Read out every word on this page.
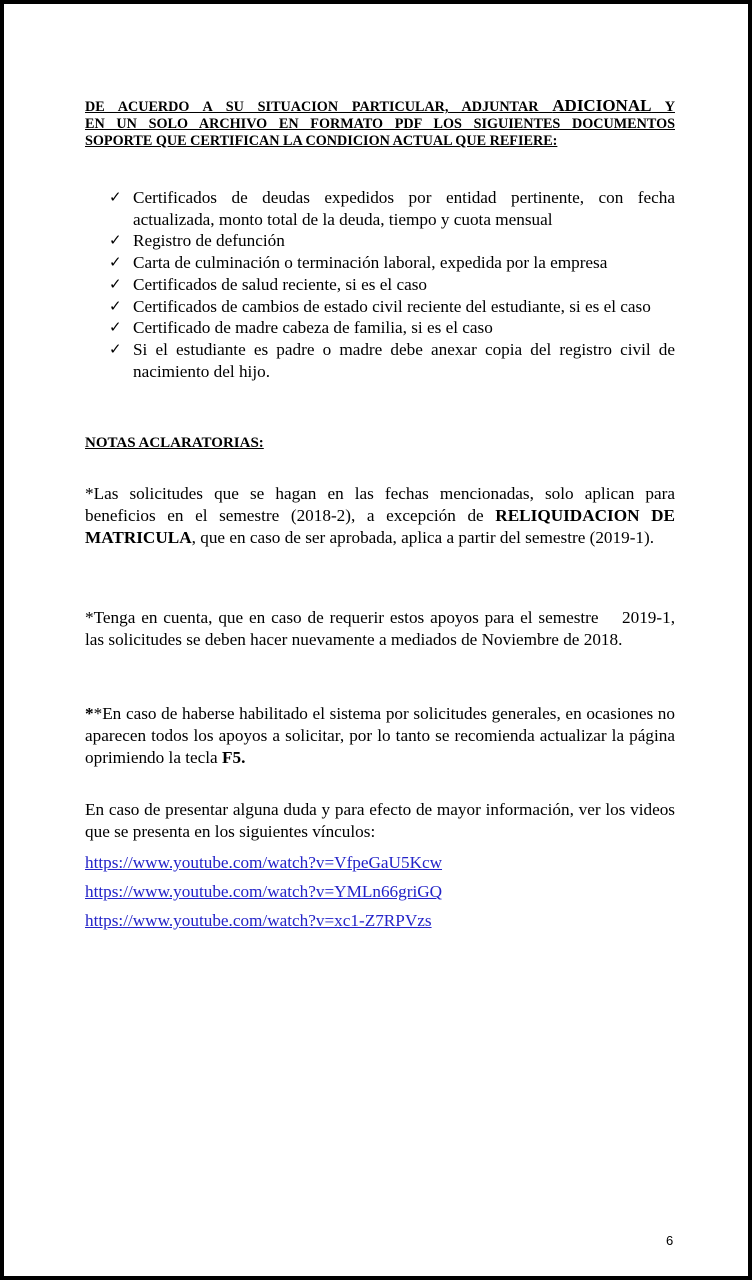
DE ACUERDO A SU SITUACION PARTICULAR, ADJUNTAR ADICIONAL Y
EN UN SOLO ARCHIVO EN FORMATO PDF LOS SIGUIENTES DOCUMENTOS
SOPORTE QUE CERTIFICAN LA CONDICION ACTUAL QUE REFIERE:
✓ Certificados de deudas expedidos por entidad pertinente, con fecha actualizada, monto total de la deuda, tiempo y cuota mensual
✓ Registro de defunción
✓ Carta de culminación o terminación laboral, expedida por la empresa
✓ Certificados de salud reciente, si es el caso
✓ Certificados de cambios de estado civil reciente del estudiante, si es el caso
✓ Certificado de madre cabeza de familia, si es el caso
✓ Si el estudiante es padre o madre debe anexar copia del registro civil de nacimiento del hijo.
NOTAS ACLARATORIAS:

*Las solicitudes que se hagan en las fechas mencionadas, solo aplican para beneficios en el semestre (2018-2), a excepción de RELIQUIDACION DE MATRICULA, que en caso de ser aprobada, aplica a partir del semestre (2019-1).

*Tenga en cuenta, que en caso de requerir estos apoyos para el semestre    2019-1,  las solicitudes se deben hacer nuevamente a mediados de Noviembre de 2018.

**En caso de haberse habilitado el sistema por solicitudes generales, en ocasiones no aparecen todos los apoyos a solicitar, por lo tanto se recomienda actualizar la página oprimiendo la tecla F5.

En caso de presentar alguna duda y para efecto de mayor información, ver los videos que se presenta en los siguientes vínculos:

https://www.youtube.com/watch?v=VfpeGaU5Kcw
https://www.youtube.com/watch?v=YMLn66griGQ
https://www.youtube.com/watch?v=xc1-Z7RPVzs
6
